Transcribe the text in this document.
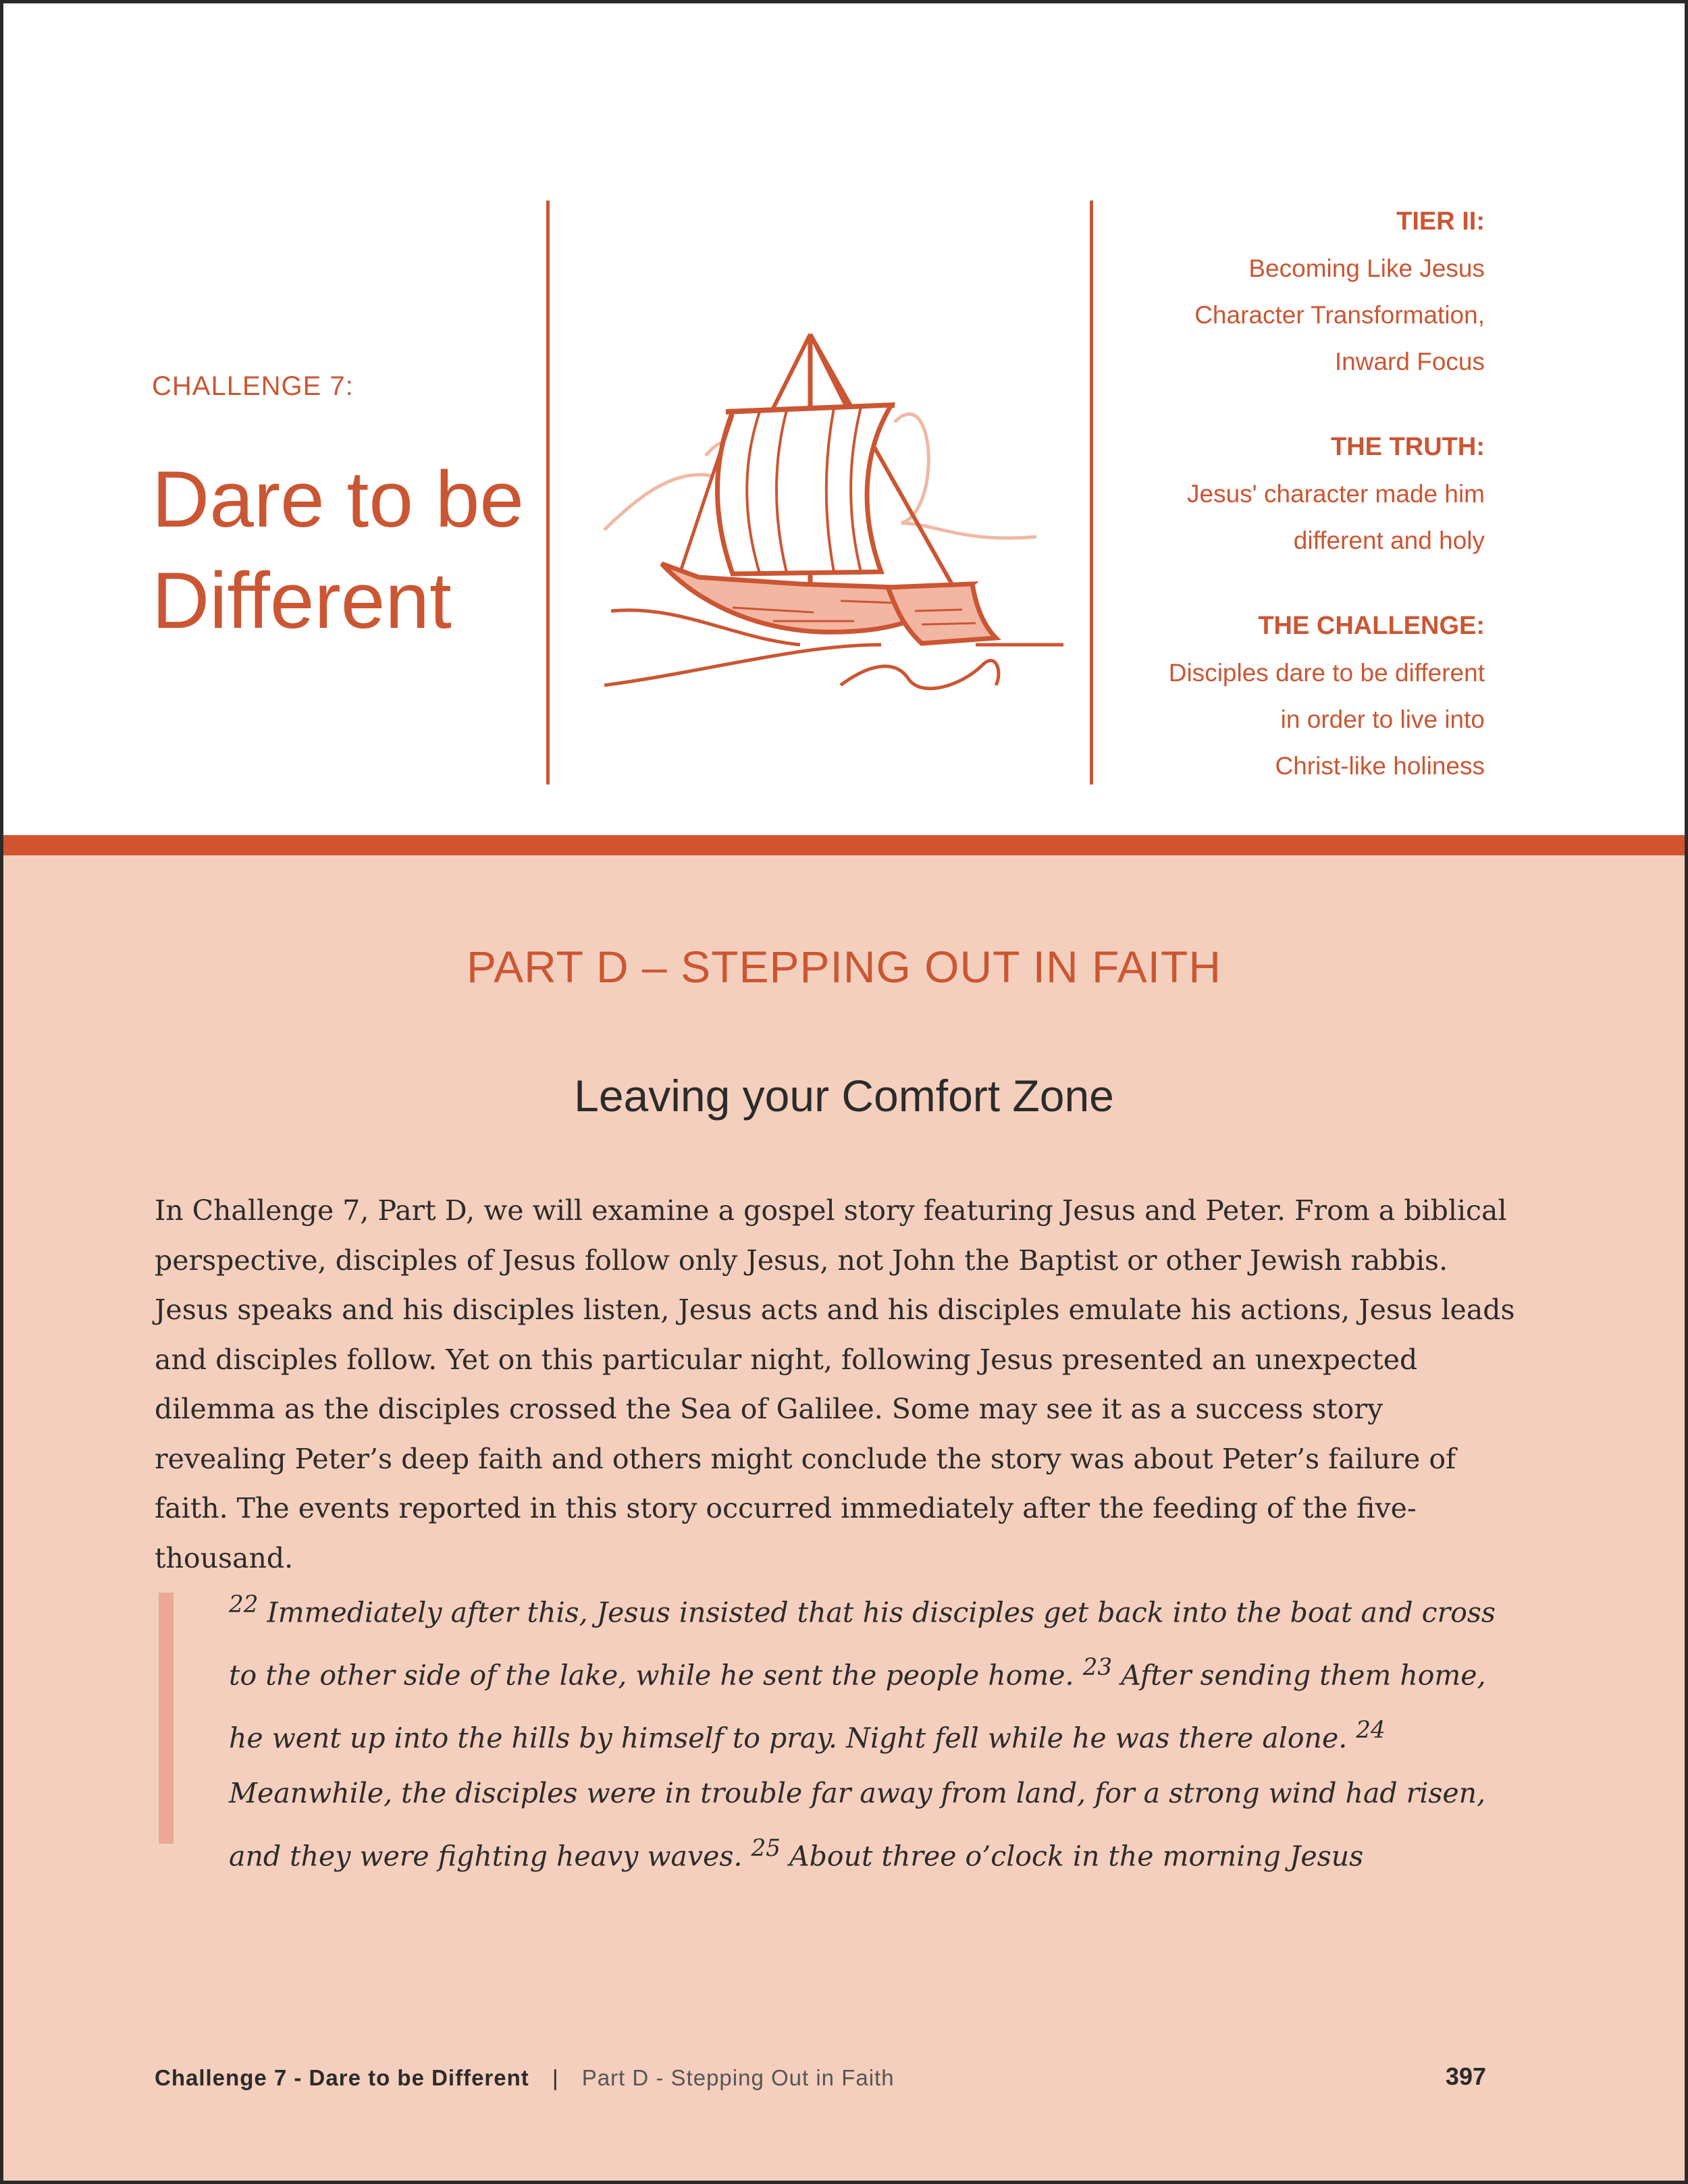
CHALLENGE 7:

Dare to be
Different

TIER II:

Becoming Like Jesus

Character Transformation,

Inward Focus

THE TRUTH:

Jesus' character made him

different and holy

THE CHALLENGE:

Disciples dare to be different

in order to live into

Christ-like holiness

PART D – STEPPING OUT IN FAITH
Leaving your Comfort Zone

In Challenge 7, Part D, we will examine a gospel story featuring Jesus and Peter. From a biblical perspective, disciples of Jesus follow only Jesus, not John the Baptist or other Jewish rabbis. Jesus speaks and his disciples listen, Jesus acts and his disciples emulate his actions, Jesus leads and disciples follow. Yet on this particular night, following Jesus presented an unexpected dilemma as the disciples crossed the Sea of Galilee. Some may see it as a success story revealing Peter’s deep faith and others might conclude the story was about Peter’s failure of faith. The events reported in this story occurred immediately after the feeding of the five-thousand.

$^{22}$ Immediately after this, Jesus insisted that his disciples get back into the boat and cross to the other side of the lake, while he sent the people home. $^{23}$ After sending them home, he went up into the hills by himself to pray. Night fell while he was there alone. $^{24}$ Meanwhile, the disciples were in trouble far away from land, for a strong wind had risen, and they were fighting heavy waves. $^{25}$ About three o’clock in the morning Jesus

Challenge 7 - Dare to be Different | Part D - Stepping Out in Faith	397
